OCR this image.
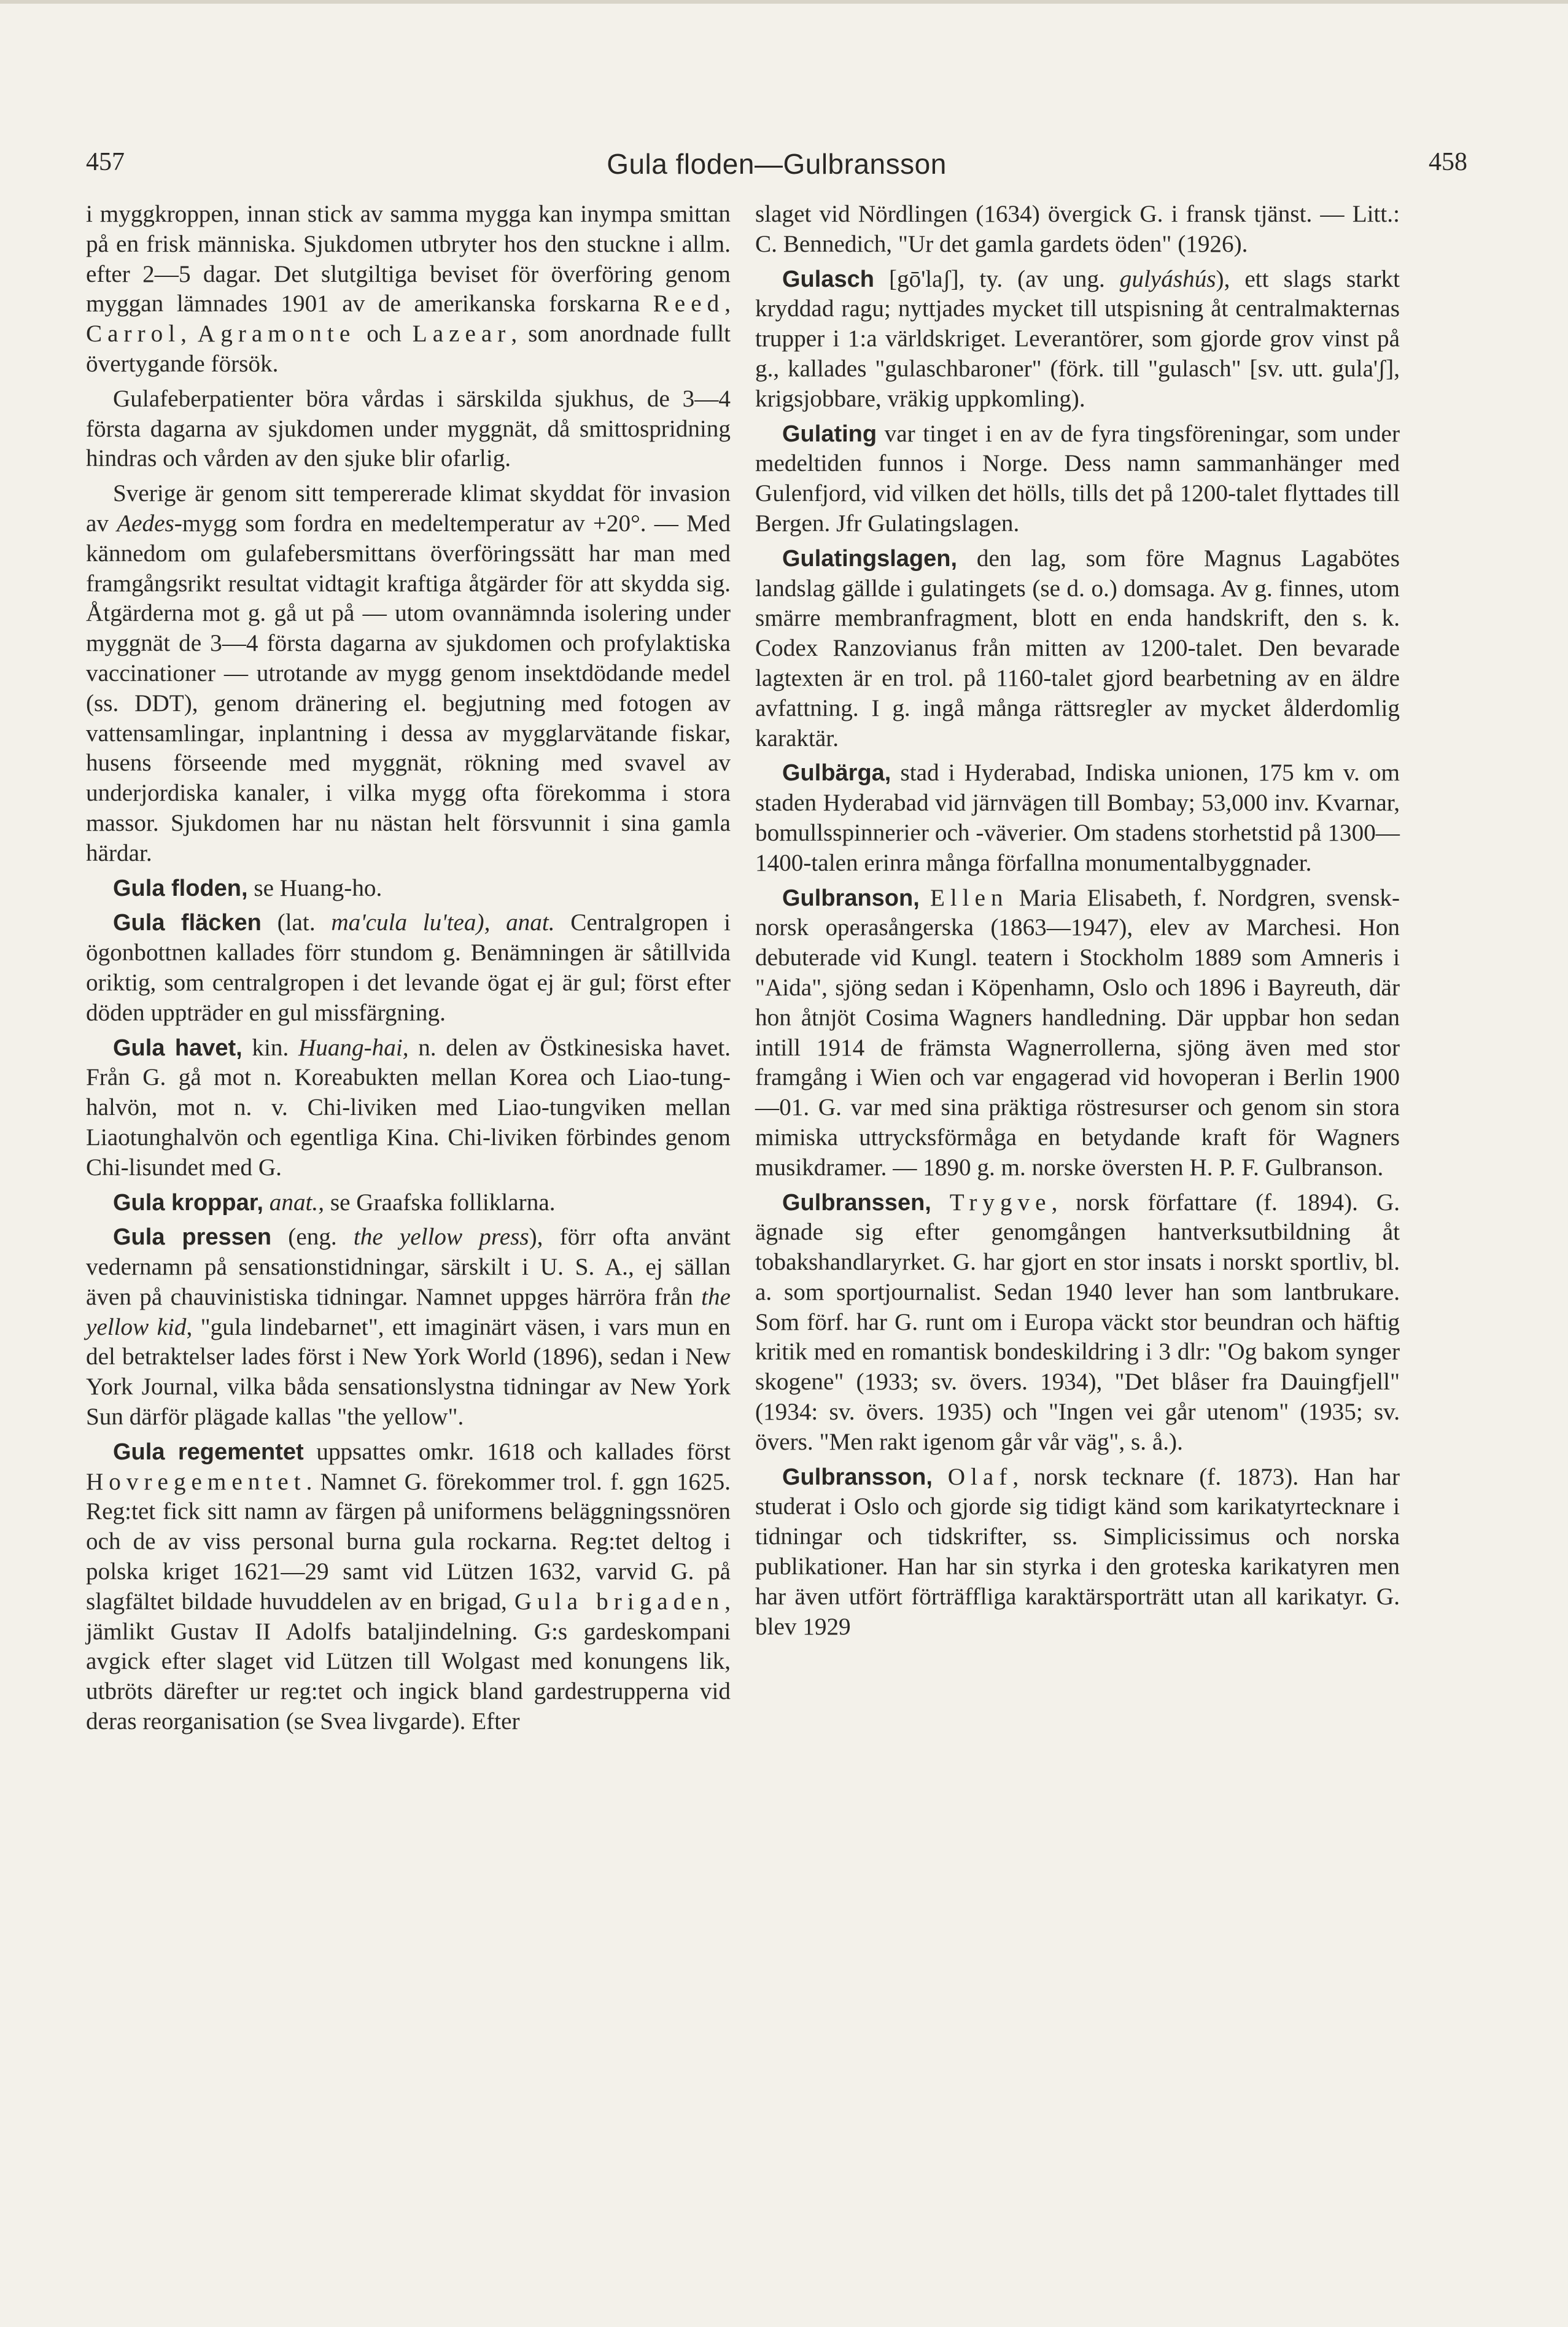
457	Gula floden—Gulbransson	458

i myggkroppen, innan stick av samma mygga kan inympa smittan på en frisk människa. Sjukdomen utbryter hos den stuckne i allm. efter 2—5 dagar. Det slutgiltiga beviset för överföring genom myggan lämnades 1901 av de amerikanska forskarna Reed, Carrol, Agramonte och Lazear, som anordnade fullt övertygande försök.

Gulafeberpatienter böra vårdas i särskilda sjukhus, de 3—4 första dagarna av sjukdomen under myggnät, då smittospridning hindras och vården av den sjuke blir ofarlig.

Sverige är genom sitt tempererade klimat skyddat för invasion av Aedes-mygg som fordra en medeltemperatur av +20°. — Med kännedom om gulafebersmittans överföringssätt har man med framgångsrikt resultat vidtagit kraftiga åtgärder för att skydda sig. Åtgärderna mot g. gå ut på — utom ovannämnda isolering under myggnät de 3—4 första dagarna av sjukdomen och profylaktiska vaccinationer — utrotande av mygg genom insektdödande medel (ss. DDT), genom dränering el. begjutning med fotogen av vattensamlingar, inplantning i dessa av mygglarvätande fiskar, husens förseende med myggnät, rökning med svavel av underjordiska kanaler, i vilka mygg ofta förekomma i stora massor. Sjukdomen har nu nästan helt försvunnit i sina gamla härdar.

Gula floden, se Huang-ho.

Gula fläcken (lat. ma'cula lu'tea), anat. Centralgropen i ögonbottnen kallades förr stundom g. Benämningen är såtillvida oriktig, som centralgropen i det levande ögat ej är gul; först efter döden uppträder en gul missfärgning.

Gula havet, kin. Huang-hai, n. delen av Östkinesiska havet. Från G. gå mot n. Koreabukten mellan Korea och Liao-tung-halvön, mot n. v. Chi-liviken med Liao-tungviken mellan Liaotunghalvön och egentliga Kina. Chi-liviken förbindes genom Chi-lisundet med G.

Gula kroppar, anat., se Graafska folliklarna.

Gula pressen (eng. the yellow press), förr ofta använt vedernamn på sensationstidningar, särskilt i U. S. A., ej sällan även på chauvinistiska tidningar. Namnet uppges härröra från the yellow kid, "gula lindebarnet", ett imaginärt väsen, i vars mun en del betraktelser lades först i New York World (1896), sedan i New York Journal, vilka båda sensationslystna tidningar av New York Sun därför plägade kallas "the yellow".

Gula regementet uppsattes omkr. 1618 och kallades först Hovregementet. Namnet G. förekommer trol. f. ggn 1625. Reg:tet fick sitt namn av färgen på uniformens beläggningssnören och de av viss personal burna gula rockarna. Reg:tet deltog i polska kriget 1621—29 samt vid Lützen 1632, varvid G. på slagfältet bildade huvuddelen av en brigad, Gula brigaden, jämlikt Gustav II Adolfs bataljindelning. G:s gardeskompani avgick efter slaget vid Lützen till Wolgast med konungens lik, utbröts därefter ur reg:tet och ingick bland gardestrupperna vid deras reorganisation (se Svea livgarde). Efter

slaget vid Nördlingen (1634) övergick G. i fransk tjänst. — Litt.: C. Bennedich, "Ur det gamla gardets öden" (1926).

Gulasch [gō'laʃ], ty. (av ung. gulyáshús), ett slags starkt kryddad ragu; nyttjades mycket till utspisning åt centralmakternas trupper i 1:a världskriget. Leverantörer, som gjorde grov vinst på g., kallades "gulaschbaroner" (förk. till "gulasch" [sv. utt. gula'ʃ], krigsjobbare, vräkig uppkomling).

Gulating var tinget i en av de fyra tingsföreningar, som under medeltiden funnos i Norge. Dess namn sammanhänger med Gulenfjord, vid vilken det hölls, tills det på 1200-talet flyttades till Bergen. Jfr Gulatingslagen.

Gulatingslagen, den lag, som före Magnus Lagabötes landslag gällde i gulatingets (se d. o.) domsaga. Av g. finnes, utom smärre membranfragment, blott en enda handskrift, den s. k. Codex Ranzovianus från mitten av 1200-talet. Den bevarade lagtexten är en trol. på 1160-talet gjord bearbetning av en äldre avfattning. I g. ingå många rättsregler av mycket ålderdomlig karaktär.

Gulbärga, stad i Hyderabad, Indiska unionen, 175 km v. om staden Hyderabad vid järnvägen till Bombay; 53,000 inv. Kvarnar, bomullsspinnerier och -väverier. Om stadens storhetstid på 1300—1400-talen erinra många förfallna monumentalbyggnader.

Gulbranson, Ellen Maria Elisabeth, f. Nordgren, svensk-norsk operasångerska (1863—1947), elev av Marchesi. Hon debuterade vid Kungl. teatern i Stockholm 1889 som Amneris i "Aida", sjöng sedan i Köpenhamn, Oslo och 1896 i Bayreuth, där hon åtnjöt Cosima Wagners handledning. Där uppbar hon sedan intill 1914 de främsta Wagnerrollerna, sjöng även med stor framgång i Wien och var engagerad vid hovoperan i Berlin 1900—01. G. var med sina präktiga röstresurser och genom sin stora mimiska uttrycksförmåga en betydande kraft för Wagners musikdramer. — 1890 g. m. norske översten H. P. F. Gulbranson.

Gulbranssen, Trygve, norsk författare (f. 1894). G. ägnade sig efter genomgången hantverksutbildning åt tobakshandlaryrket. G. har gjort en stor insats i norskt sportliv, bl. a. som sportjournalist. Sedan 1940 lever han som lantbrukare. Som förf. har G. runt om i Europa väckt stor beundran och häftig kritik med en romantisk bondeskildring i 3 dlr: "Og bakom synger skogene" (1933; sv. övers. 1934), "Det blåser fra Dauingfjell" (1934: sv. övers. 1935) och "Ingen vei går utenom" (1935; sv. övers. "Men rakt igenom går vår väg", s. å.).

Gulbransson, Olaf, norsk tecknare (f. 1873). Han har studerat i Oslo och gjorde sig tidigt känd som karikatyrtecknare i tidningar och tidskrifter, ss. Simplicissimus och norska publikationer. Han har sin styrka i den groteska karikatyren men har även utfört förträffliga karaktärsporträtt utan all karikatyr. G. blev 1929
